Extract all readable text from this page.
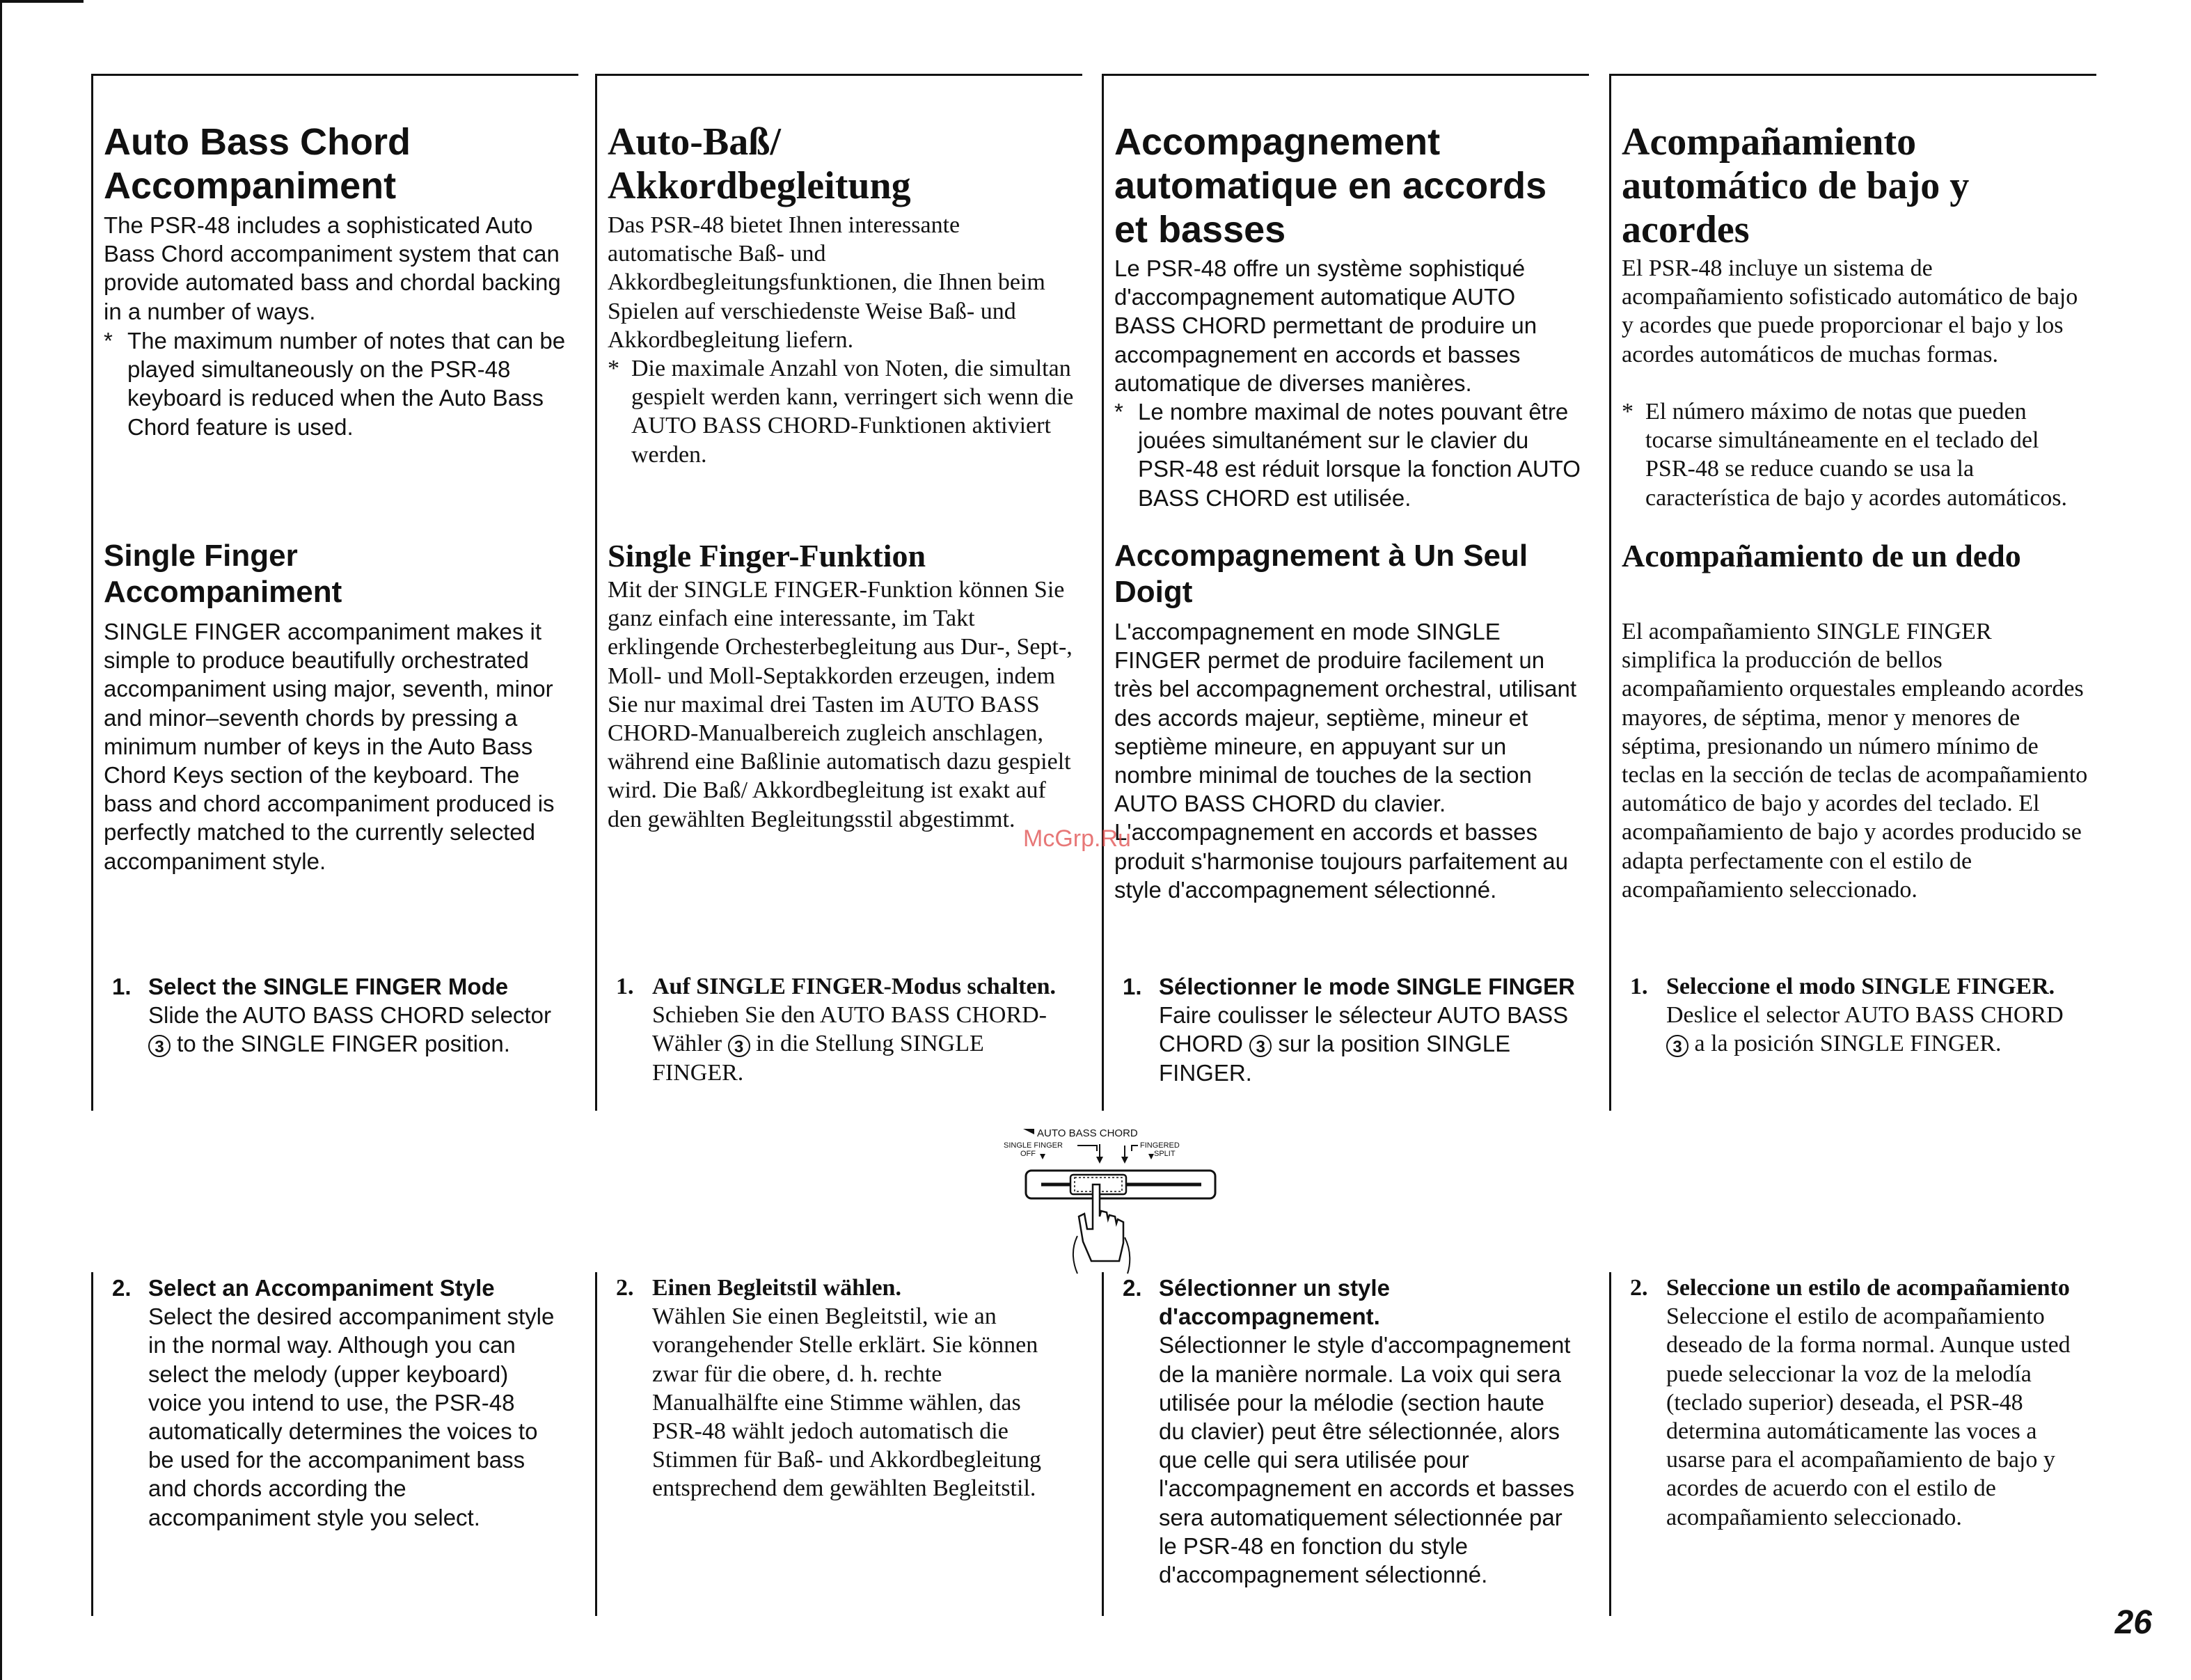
Auto Bass Chord Accompaniment

The PSR-48 includes a sophisticated Auto Bass Chord accompaniment system that can provide automated bass and chordal backing in a number of ways.

* The maximum number of notes that can be played simultaneously on the PSR-48 keyboard is reduced when the Auto Bass Chord feature is used.
Single Finger Accompaniment

SINGLE FINGER accompaniment makes it simple to produce beautifully orchestrated accompaniment using major, seventh, minor and minor–seventh chords by pressing a minimum number of keys in the Auto Bass Chord Keys section of the keyboard. The bass and chord accompaniment produced is perfectly matched to the currently selected accompaniment style.

1. Select the SINGLE FINGER Mode
Slide the AUTO BASS CHORD selector 3 to the SINGLE FINGER position.
Auto-Baß/ Akkordbegleitung

Das PSR-48 bietet Ihnen interessante automatische Baß- und Akkordbegleitungsfunktionen, die Ihnen beim Spielen auf verschiedenste Weise Baß- und Akkordbegleitung liefern.

* Die maximale Anzahl von Noten, die simultan gespielt werden kann, verringert sich wenn die AUTO BASS CHORD-Funktionen aktiviert werden.
Single Finger-Funktion

Mit der SINGLE FINGER-Funktion können Sie ganz einfach eine interessante, im Takt erklingende Orchesterbegleitung aus Dur-, Sept-, Moll- und Moll-Septakkorden erzeugen, indem Sie nur maximal drei Tasten im AUTO BASS CHORD-Manualbereich zugleich anschlagen, während eine Baßlinie automatisch dazu gespielt wird. Die Baß/ Akkordbegleitung ist exakt auf den gewählten Begleitungsstil abgestimmt.

1. Auf SINGLE FINGER-Modus schalten.
Schieben Sie den AUTO BASS CHORD-Wähler 3 in die Stellung SINGLE FINGER.
Accompagnement automatique en accords et basses

Le PSR-48 offre un système sophistiqué d'accompagnement automatique AUTO BASS CHORD permettant de produire un accompagnement en accords et basses automatique de diverses manières.

* Le nombre maximal de notes pouvant être jouées simultanément sur le clavier du PSR-48 est réduit lorsque la fonction AUTO BASS CHORD est utilisée.
Accompagnement à Un Seul Doigt

L'accompagnement en mode SINGLE FINGER permet de produire facilement un très bel accompagnement orchestral, utilisant des accords majeur, septième, mineur et septième mineure, en appuyant sur un nombre minimal de touches de la section AUTO BASS CHORD du clavier. L'accompagnement en accords et basses produit s'harmonise toujours parfaitement au style d'accompagnement sélectionné.

1. Sélectionner le mode SINGLE FINGER
Faire coulisser le sélecteur AUTO BASS CHORD 3 sur la position SINGLE FINGER.
Acompañamiento automático de bajo y acordes

El PSR-48 incluye un sistema de acompañamiento sofisticado automático de bajo y acordes que puede proporcionar el bajo y los acordes automáticos de muchas formas.

* El número máximo de notas que pueden tocarse simultáneamente en el teclado del PSR-48 se reduce cuando se usa la característica de bajo y acordes automáticos.
Acompañamiento de un dedo

El acompañamiento SINGLE FINGER simplifica la producción de bellos acompañamiento orquestales empleando acordes mayores, de séptima, menor y menores de séptima, presionando un número mínimo de teclas en la sección de teclas de acompañamiento automático de bajo y acordes del teclado. El acompañamiento de bajo y acordes producido se adapta perfectamente con el estilo de acompañamiento seleccionado.

1. Seleccione el modo SINGLE FINGER.
Deslice el selector AUTO BASS CHORD 3 a la posición SINGLE FINGER.
2. Select an Accompaniment Style
Select the desired accompaniment style in the normal way. Although you can select the melody (upper keyboard) voice you intend to use, the PSR-48 automatically determines the voices to be used for the accompaniment bass and chords according the accompaniment style you select.
2. Einen Begleitstil wählen.
Wählen Sie einen Begleitstil, wie an vorangehender Stelle erklärt. Sie können zwar für die obere, d. h. rechte Manualhälfte eine Stimme wählen, das PSR-48 wählt jedoch automatisch die Stimmen für Baß- und Akkordbegleitung entsprechend dem gewählten Begleitstil.
2. Sélectionner un style d'accompagnement.
Sélectionner le style d'accompagnement de la manière normale. La voix qui sera utilisée pour la mélodie (section haute du clavier) peut être sélectionnée, alors que celle qui sera utilisée pour l'accompagnement en accords et basses sera automatiquement sélectionnée par le PSR-48 en fonction du style d'accompagnement sélectionné.
2. Seleccione un estilo de acompañamiento
Seleccione el estilo de acompañamiento deseado de la forma normal. Aunque usted puede seleccionar la voz de la melodía (teclado superior) deseada, el PSR-48 determina automáticamente las voces a usarse para el acompañamiento de bajo y acordes de acuerdo con el estilo de acompañamiento seleccionado.
AUTO BASS CHORD
SINGLE FINGER
OFF
FINGERED
SPLIT
McGrp.Ru
26
